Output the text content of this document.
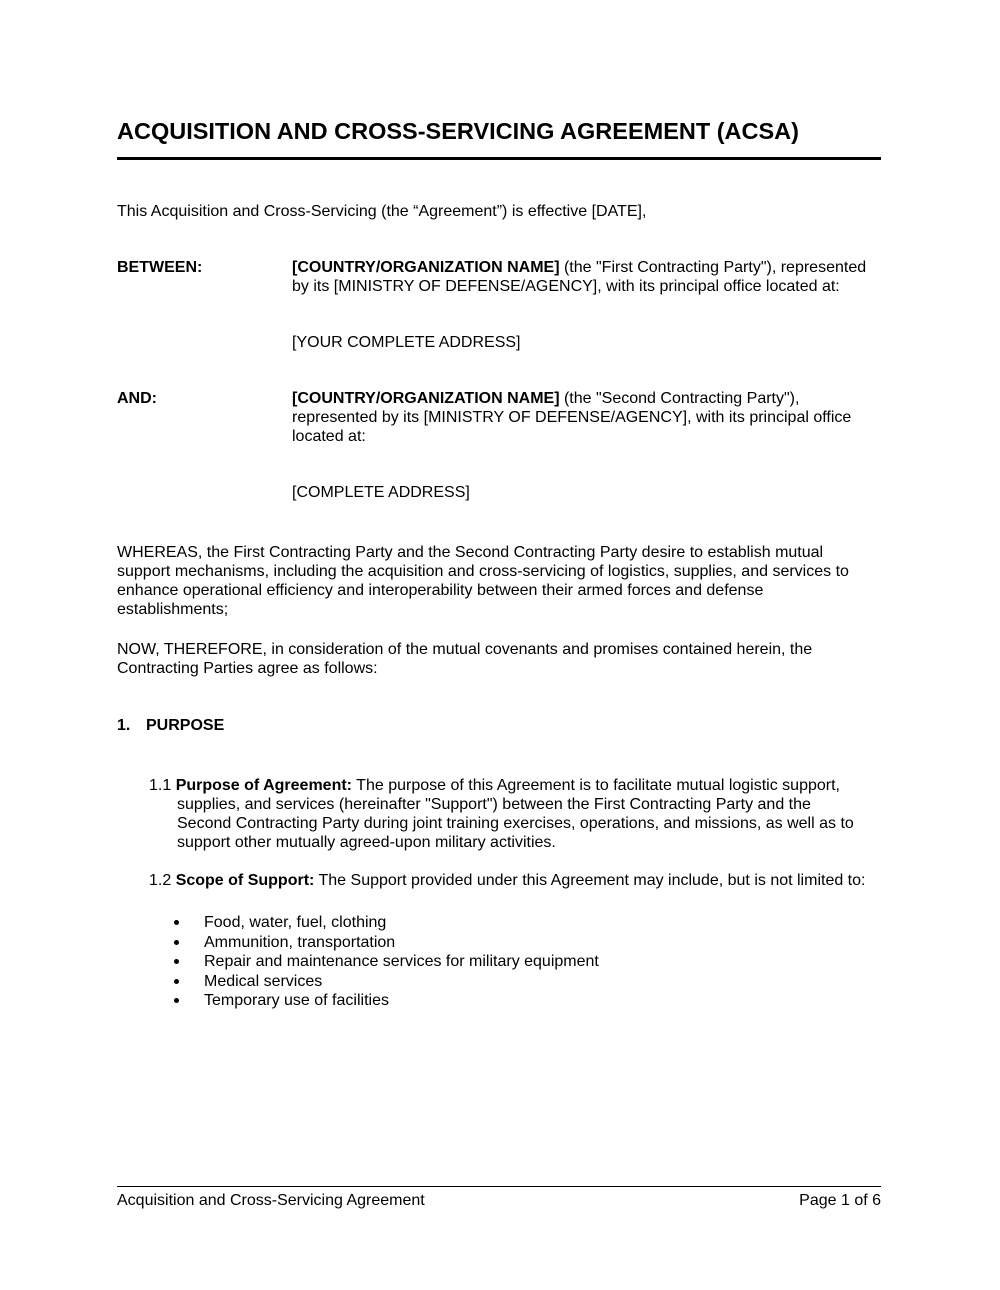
ACQUISITION AND CROSS-SERVICING AGREEMENT (ACSA)
This Acquisition and Cross-Servicing (the “Agreement”) is effective [DATE],
BETWEEN:	[COUNTRY/ORGANIZATION NAME] (the "First Contracting Party"), represented
by its [MINISTRY OF DEFENSE/AGENCY], with its principal office located at:
[YOUR COMPLETE ADDRESS]
AND:	[COUNTRY/ORGANIZATION NAME] (the "Second Contracting Party"),
represented by its [MINISTRY OF DEFENSE/AGENCY], with its principal office
located at:
[COMPLETE ADDRESS]
WHEREAS, the First Contracting Party and the Second Contracting Party desire to establish mutual
support mechanisms, including the acquisition and cross-servicing of logistics, supplies, and services to
enhance operational efficiency and interoperability between their armed forces and defense
establishments;
NOW, THEREFORE, in consideration of the mutual covenants and promises contained herein, the
Contracting Parties agree as follows:
1. PURPOSE
1.1 Purpose of Agreement: The purpose of this Agreement is to facilitate mutual logistic support,
supplies, and services (hereinafter "Support") between the First Contracting Party and the
Second Contracting Party during joint training exercises, operations, and missions, as well as to
support other mutually agreed-upon military activities.
1.2 Scope of Support: The Support provided under this Agreement may include, but is not limited to:
Food, water, fuel, clothing
Ammunition, transportation
Repair and maintenance services for military equipment
Medical services
Temporary use of facilities
Acquisition and Cross-Servicing Agreement	Page 1 of 6
